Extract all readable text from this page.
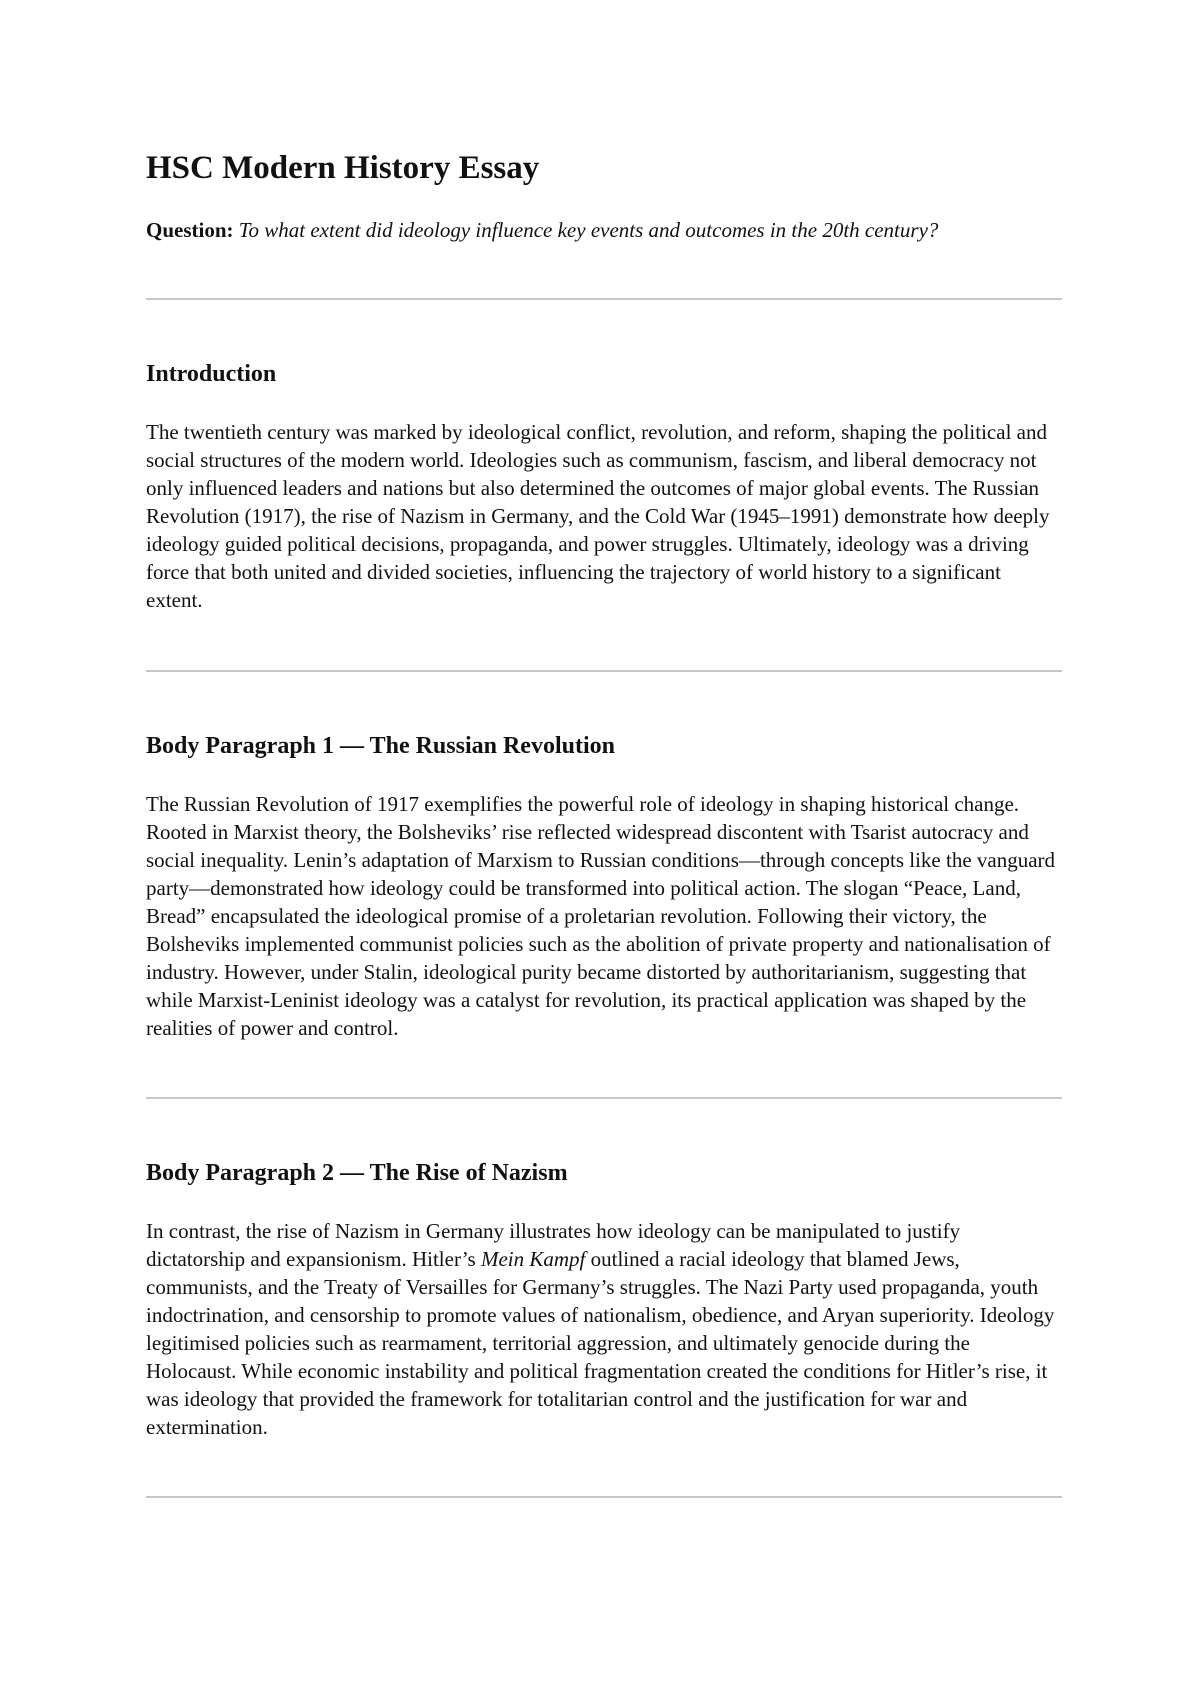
HSC Modern History Essay

Question: To what extent did ideology influence key events and outcomes in the 20th century?

Introduction

The twentieth century was marked by ideological conflict, revolution, and reform, shaping the political and social structures of the modern world. Ideologies such as communism, fascism, and liberal democracy not only influenced leaders and nations but also determined the outcomes of major global events. The Russian Revolution (1917), the rise of Nazism in Germany, and the Cold War (1945–1991) demonstrate how deeply ideology guided political decisions, propaganda, and power struggles. Ultimately, ideology was a driving force that both united and divided societies, influencing the trajectory of world history to a significant extent.

Body Paragraph 1 — The Russian Revolution

The Russian Revolution of 1917 exemplifies the powerful role of ideology in shaping historical change. Rooted in Marxist theory, the Bolsheviks’ rise reflected widespread discontent with Tsarist autocracy and social inequality. Lenin’s adaptation of Marxism to Russian conditions—through concepts like the vanguard party—demonstrated how ideology could be transformed into political action. The slogan “Peace, Land, Bread” encapsulated the ideological promise of a proletarian revolution. Following their victory, the Bolsheviks implemented communist policies such as the abolition of private property and nationalisation of industry. However, under Stalin, ideological purity became distorted by authoritarianism, suggesting that while Marxist-Leninist ideology was a catalyst for revolution, its practical application was shaped by the realities of power and control.

Body Paragraph 2 — The Rise of Nazism

In contrast, the rise of Nazism in Germany illustrates how ideology can be manipulated to justify dictatorship and expansionism. Hitler’s Mein Kampf outlined a racial ideology that blamed Jews, communists, and the Treaty of Versailles for Germany’s struggles. The Nazi Party used propaganda, youth indoctrination, and censorship to promote values of nationalism, obedience, and Aryan superiority. Ideology legitimised policies such as rearmament, territorial aggression, and ultimately genocide during the Holocaust. While economic instability and political fragmentation created the conditions for Hitler’s rise, it was ideology that provided the framework for totalitarian control and the justification for war and extermination.
